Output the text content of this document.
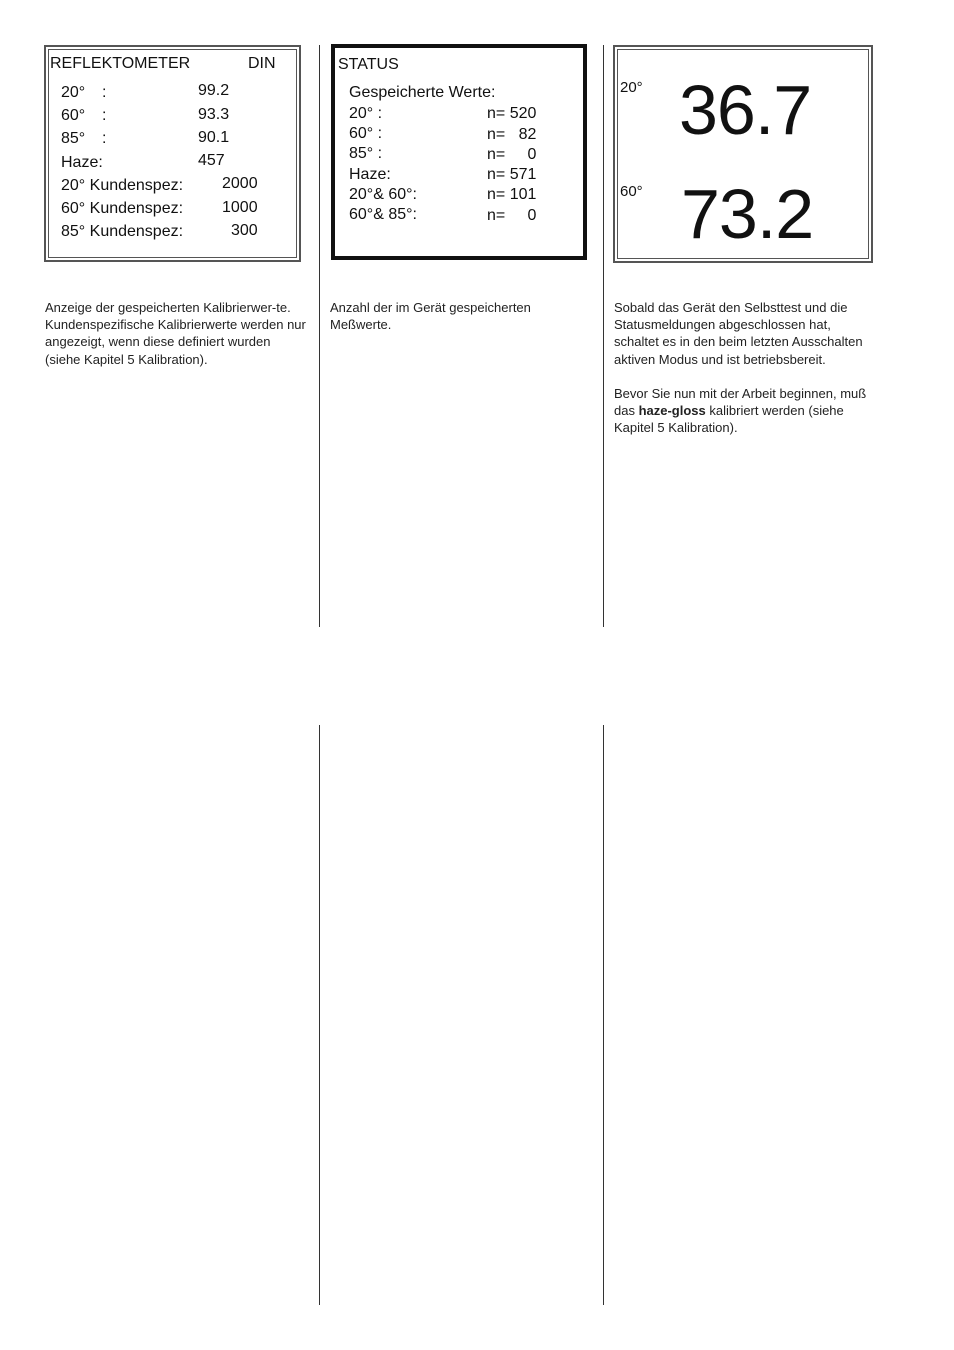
REFLEKTOMETER	DIN
20° :	99.2
60° :	93.3
85° :	90.1
Haze:	457
20° Kundenspez: 2000
60° Kundenspez: 1000
85° Kundenspez:	300
STATUS
Gespeicherte Werte:
20° :	n= 520
60° :	n=   82
85° :	n=     0
Haze:	n= 571
20°& 60°:	n= 101
60°& 85°:	n=     0
20° 36.7
60° 73.2

Anzeige der gespeicherten Kalibrierwer-te. Kundenspezifische Kalibrierwerte werden nur angezeigt, wenn diese definiert wurden (siehe Kapitel 5 Kalibration).

Anzahl der im Gerät gespeicherten Meßwerte.

Sobald das Gerät den Selbsttest und die Statusmeldungen abgeschlossen hat, schaltet es in den beim letzten Ausschalten aktiven Modus und ist betriebsbereit.

Bevor Sie nun mit der Arbeit beginnen, muß das haze-gloss kalibriert werden (siehe Kapitel 5 Kalibration).
